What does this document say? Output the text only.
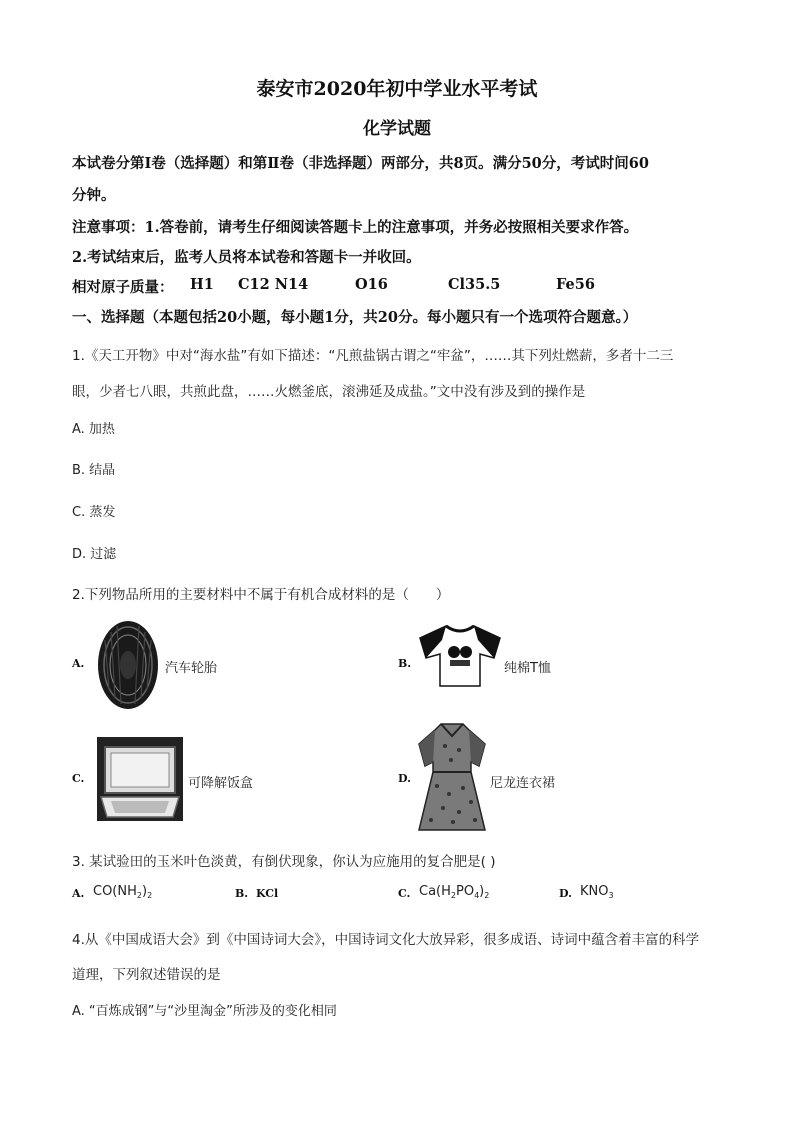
泰安市2020年初中学业水平考试
化学试题
本试卷分第Ⅰ卷（选择题）和第Ⅱ卷（非选择题）两部分，共8页。满分50分，考试时间60
分钟。
注意事项：1.答卷前，请考生仔细阅读答题卡上的注意事项，并务必按照相关要求作答。
2.考试结束后，监考人员将本试卷和答题卡一并收回。
相对原子质量： H1 C12 N14	O16	Cl35.5	Fe56
一、选择题（本题包括20小题，每小题1分，共20分。每小题只有一个选项符合题意。）
1.《天工开物》中对“海水盐”有如下描述：“凡煎盐锅古谓之“牢盆”，……其下列灶燃薪，多者十二三
眼，少者七八眼，共煎此盘，……火燃釜底，滚沸延及成盐。”文中没有涉及到的操作是
A. 加热
B. 结晶
C. 蒸发
D. 过滤
2.下列物品所用的主要材料中不属于有机合成材料的是（　　）
A.	汽车轮胎	B.	纯棉T恤
C.	可降解饭盒	D.	尼龙连衣裙
3. 某试验田的玉米叶色淡黄，有倒伏现象，你认为应施用的复合肥是( )
A. $CO(NH_2)_2$	B. KCl	C. $Ca(H_2PO_4)_2$	D. $KNO_3$
4.从《中国成语大会》到《中国诗词大会》，中国诗词文化大放异彩，很多成语、诗词中蕴含着丰富的科学
道理，下列叙述错误的是
A. “百炼成钢”与“沙里淘金”所涉及的变化相同
